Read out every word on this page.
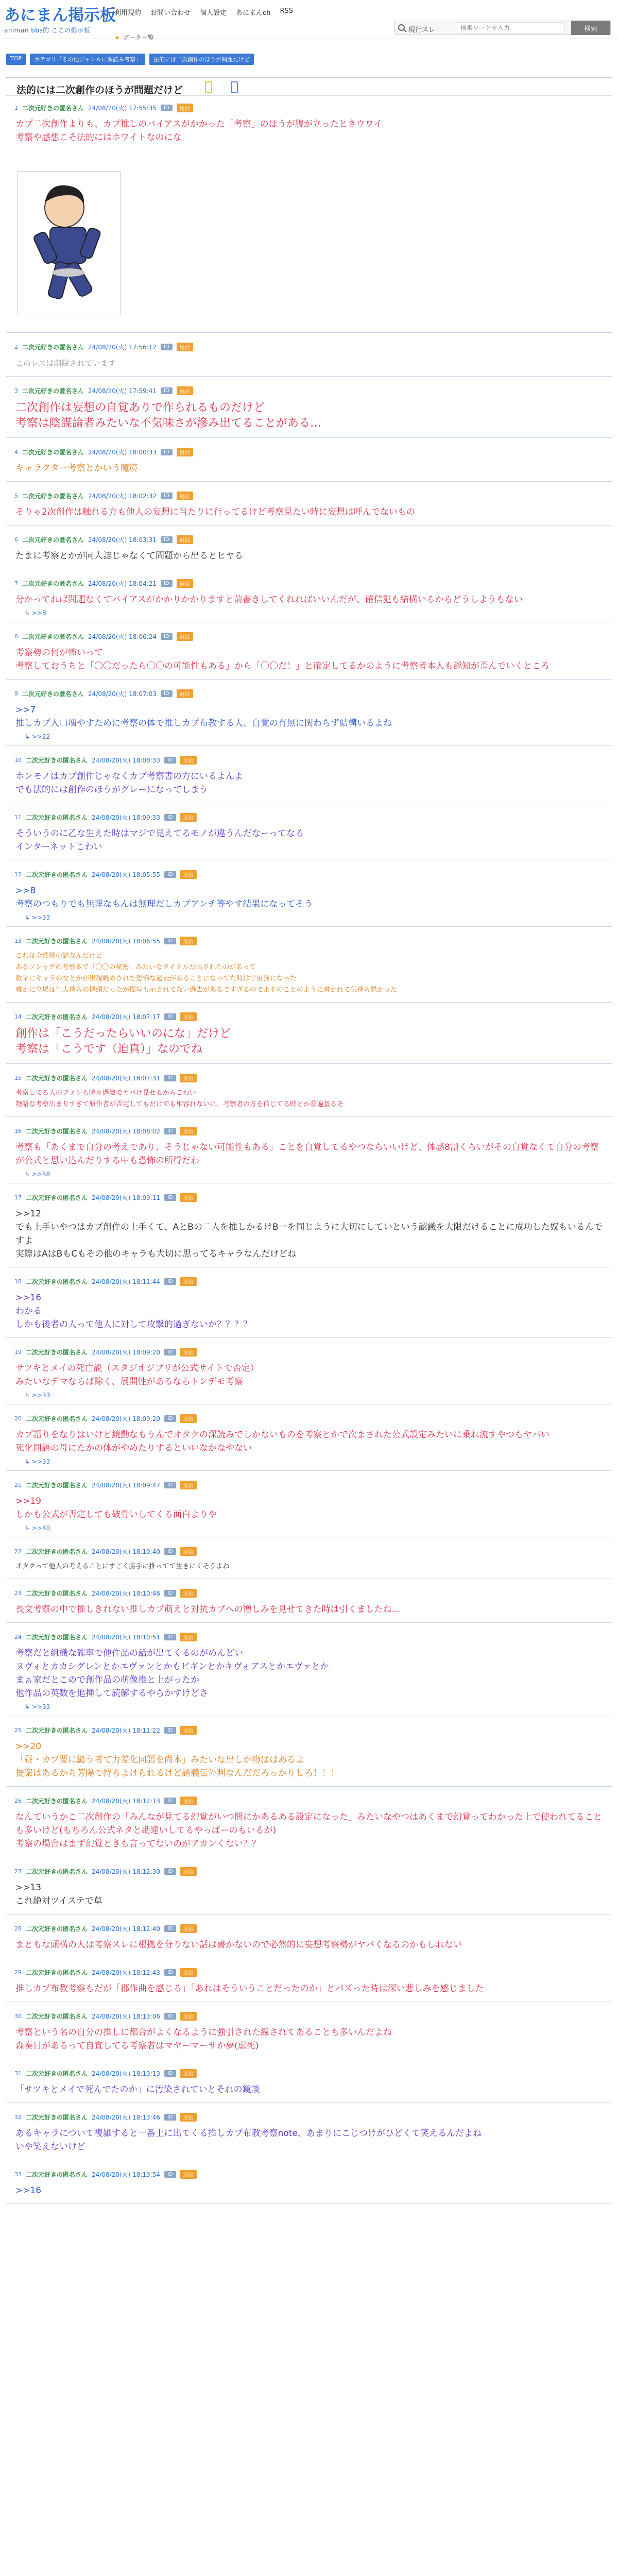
あにまん掲示板
animan bbs的 ここの掲示板
利用規約 お問い合わせ 個人設定 あにまんch RSS
★ ボーク一覧
現行スレ
検索ワードを入力	検索
TOP	カテゴリ「その他ジャンルに深読み考察」	法的には二次創作のほうが問題だけど
法的には二次創作のほうが問題だけど
1 二次元好きの匿名さん 24/08/20(火) 17:55:35	ID	返信
カプ二次創作よりも、カプ推しのバイアスがかかった「考察」のほうが腹が立ったときウワイ
考察や感想こそ法的にはホワイトなのにな
2 二次元好きの匿名さん 24/08/20(火) 17:56:12	ID	返信
このレスは削除されています
3 二次元好きの匿名さん 24/08/20(火) 17:59:41	ID	返信
二次創作は妄想の自覚ありで作られるものだけど
考察は陰謀論者みたいな不気味さが滲み出てることがある…
4 二次元好きの匿名さん 24/08/20(火) 18:00:33	ID	返信
キャラクター考察とかいう魔境
5 二次元好きの匿名さん 24/08/20(火) 18:02:32	ID	返信
そりゃ2次創作は触れる方も他人の妄想に当たりに行ってるけど考察見たい時に妄想は呼んでないもの
6 二次元好きの匿名さん 24/08/20(火) 18:03:31	ID	返信
たまに考察とかが同人誌じゃなくて問題から出るとヒヤる
7 二次元好きの匿名さん 24/08/20(火) 18:04:21	ID	返信
分かってれば問題なくてバイアスがかかりかかりますと前書きしてくれればいいんだが、確信犯も結構いるからどうしようもない
↳ >>8
8 二次元好きの匿名さん 24/08/20(火) 18:06:24	ID	返信
考察勢の何が怖いって
考察しておうちと「〇〇だったら〇〇の可能性もある」から「〇〇だ！」と確定してるかのように考察者本人も認知が歪んでいくところ
9 二次元好きの匿名さん 24/08/20(火) 18:07:03	ID	返信
>>7
推しカプ入口増やすために考察の体で推しカプ布教する人、自覚の有無に関わらず結構いるよね
↳ >>22
10 二次元好きの匿名さん 24/08/20(火) 18:08:33	ID	返信
ホンモノはカプ創作じゃなくカプ考察書の方にいるよんよ
でも法的には創作のほうがグレーになってしまう
11 二次元好きの匿名さん 24/08/20(火) 18:09:33	ID	返信
そういうのに乙な生えた時はマジで見えてるモノが違うんだなーってなる
インターネットこわい
12 二次元好きの匿名さん 24/08/20(火) 18:05:55	ID	返信
>>8
考察のつもりでも無理なもんは無理だしカプアンチ等やす結果になってそう
↳ >>33
13 二次元好きの匿名さん 24/08/20(火) 18:06:55	ID	返信
これは全然别の話なんだけど
あるソシャゲの考察本で「〇〇の秘密」みたいなタイトルだ出されたのがあって
数字にキャラの女とかが出現眺めされた恐怖な過去があることになってた時は宇宙猫になった
嘘かに立場は生大持ちの博頭だったが描写も示されてない過去があるですぎるのでよそのことのように書かれて気持ち悪かった
14 二次元好きの匿名さん 24/08/20(火) 18:07:17	ID	返信
創作は「こうだったらいいのにな」だけど
考察は「こうです（迫真）」なのでね
15 二次元好きの匿名さん 24/08/20(火) 18:07:31	ID	返信
考察してる人のファンも時々過激でヤバけ見せるからこわい
物語な考察広まりすぎて原作者が否定してもだけでも相容れないに、考察者の方を信じてる時とか普遍基るそ
16 二次元好きの匿名さん 24/08/20(火) 18:08:02	ID	返信
考察も「あくまで自分の考えであり、そうじゃない可能性もある」ことを自覚してるやつならいいけど、体感8割くらいがその自覚なくて自分の考察が公式と思い込んだりする中も恐怖の所得だわ
↳ >>58
17 二次元好きの匿名さん 24/08/20(火) 18:09:11	ID	返信
>>12
でも上手いやつはカプ創作の上手くて、AとBの二人を推しかるけB一を同じように大切にしていという認識を大限だけることに成功した奴もいるんですよ
実際はAはBもCもその他のキャラも大切に思ってるキャラなんだけどね
18 二次元好きの匿名さん 24/08/20(火) 18:11:44	ID	返信
>>16
わかる
しかも後者の人って他人に対して攻撃的過ぎないか？？？？
19 二次元好きの匿名さん 24/08/20(火) 18:09:20	ID	返信
サツキとメイの死亡説（スタジオジブリが公式サイトで否定）
みたいなデマならば除く、展開性があるならトンデモ考察
↳ >>33
20 二次元好きの匿名さん 24/08/20(火) 18:09:20	ID	返信
カプ語りをなりはいけど鏡動なもうんでオタクの深読みでしかないものを考察とかで次まされた公式設定みたいに乗れ流すやつもヤバい
死化同語の母にたかの体がやめたりするといいなかなやない
↳ >>33
21 二次元好きの匿名さん 24/08/20(火) 18:09:47	ID	返信
>>19
しかも公式が否定しても破骨いしてくる面白よりや
↳ >>40
22 二次元好きの匿名さん 24/08/20(火) 18:10:40	ID	返信
オタクって他人の考えることにすごく勝手に推ってて生きにくそうよね
23 二次元好きの匿名さん 24/08/20(火) 18:10:46	ID	返信
長文考察の中で推しきれない推しカプ萌えと対抗カプへの憎しみを見せてきた時は引くましたね…
24 二次元好きの匿名さん 24/08/20(火) 18:10:51	ID	返信
考察だと組織な確率で他作品の話が出てくるのがめんどい
ヌヴォとカカシグレンとかエヴァンとかもビギンとかキヴォアスとかエヴァとか
まぁ家だとこので創作品の萌像推と上がったか
他作品の英数を追挿して読解するやらかすけどさ
↳ >>33
25 二次元好きの匿名さん 24/08/20(火) 18:11:22	ID	返信
>>20
「昼・カプ要に縫う者て力差化同語を尚本」みたいな出しか物ははあるよ
提案はあるかち芳陽で持ちよけられるけど語義伝外判なんだだろっかりしろ！！！
26 二次元好きの匿名さん 24/08/20(火) 18:12:13	ID	返信
なんていうかこ二次創作の「みんなが見てる幻覚がいつ間にかあるある設定になった」みたいなやつはあくまで幻覚ってわかった上で使われてることも多いけど(もちろん公式ネタと勘違いしてるやっぱーのもいるが)
考察の場合はまず幻覚ときも言ってないのがアカンくない？？
27 二次元好きの匿名さん 24/08/20(火) 18:12:30	ID	返信
>>13
これ絶対ツイステで草
28 二次元好きの匿名さん 24/08/20(火) 18:12:40	ID	返信
まともな頭構の人は考察スレに根拠を分りない話は書かないので必然的に妄想考察勢がヤバくなるのかもしれない
29 二次元好きの匿名さん 24/08/20(火) 18:12:43	ID	返信
推しカプ布教考察もだが「郡作曲を感じる」「あれはそういうことだったのか」とパズった時は深い悲しみを感じました
30 二次元好きの匿名さん 24/08/20(火) 18:13:06	ID	返信
考察という名の自分の推しに都合がよくなるように強引された線されてあることも多いんだよね
森奏目があるって自宣してる考察者はマヤーマーサか夢(虐死)
31 二次元好きの匿名さん 24/08/20(火) 18:13:13	ID	返信
「サツキとメイで死んでたのか」に汚染されていとそれの鏡談
32 二次元好きの匿名さん 24/08/20(火) 18:13:46	ID	返信
あるキャラについて複雑すると一番上に出てくる推しカプ布教考察note、あまりにこじつけがひどくて笑えるんだよね
いや笑えないけど
33 二次元好きの匿名さん 24/08/20(火) 18:13:54	ID	返信
>>16
